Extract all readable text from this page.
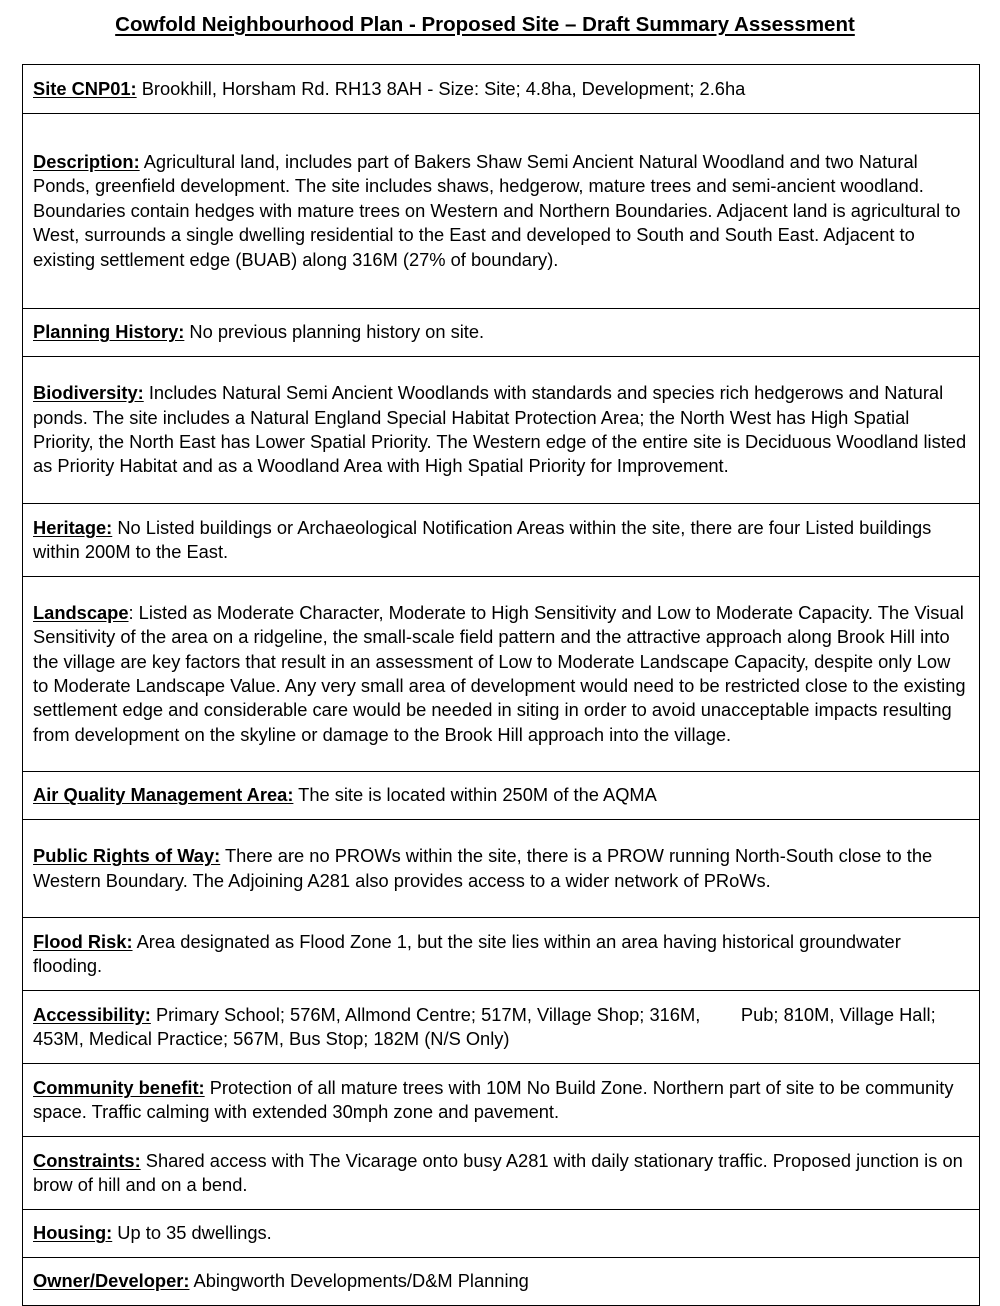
Cowfold Neighbourhood Plan - Proposed Site – Draft Summary Assessment
Site CNP01: Brookhill, Horsham Rd. RH13 8AH - Size: Site; 4.8ha, Development; 2.6ha
Description: Agricultural land, includes part of Bakers Shaw Semi Ancient Natural Woodland and two Natural Ponds, greenfield development. The site includes shaws, hedgerow, mature trees and semi-ancient woodland. Boundaries contain hedges with mature trees on Western and Northern Boundaries. Adjacent land is agricultural to West, surrounds a single dwelling residential to the East and developed to South and South East. Adjacent to existing settlement edge (BUAB) along 316M (27% of boundary).
Planning History: No previous planning history on site.
Biodiversity: Includes Natural Semi Ancient Woodlands with standards and species rich hedgerows and Natural ponds. The site includes a Natural England Special Habitat Protection Area; the North West has High Spatial Priority, the North East has Lower Spatial Priority. The Western edge of the entire site is Deciduous Woodland listed as Priority Habitat and as a Woodland Area with High Spatial Priority for Improvement.
Heritage: No Listed buildings or Archaeological Notification Areas within the site, there are four Listed buildings within 200M to the East.
Landscape: Listed as Moderate Character, Moderate to High Sensitivity and Low to Moderate Capacity. The Visual Sensitivity of the area on a ridgeline, the small-scale field pattern and the attractive approach along Brook Hill into the village are key factors that result in an assessment of Low to Moderate Landscape Capacity, despite only Low to Moderate Landscape Value. Any very small area of development would need to be restricted close to the existing settlement edge and considerable care would be needed in siting in order to avoid unacceptable impacts resulting from development on the skyline or damage to the Brook Hill approach into the village.
Air Quality Management Area: The site is located within 250M of the AQMA
Public Rights of Way: There are no PROWs within the site, there is a PROW running North-South close to the Western Boundary. The Adjoining A281 also provides access to a wider network of PRoWs.
Flood Risk: Area designated as Flood Zone 1, but the site lies within an area having historical groundwater flooding.
Accessibility: Primary School; 576M, Allmond Centre; 517M, Village Shop; 316M,        Pub; 810M, Village Hall; 453M, Medical Practice; 567M, Bus Stop; 182M (N/S Only)
Community benefit: Protection of all mature trees with 10M No Build Zone. Northern part of site to be community space. Traffic calming with extended 30mph zone and pavement.
Constraints: Shared access with The Vicarage onto busy A281 with daily stationary traffic. Proposed junction is on brow of hill and on a bend.
Housing: Up to 35 dwellings.
Owner/Developer: Abingworth Developments/D&M Planning
